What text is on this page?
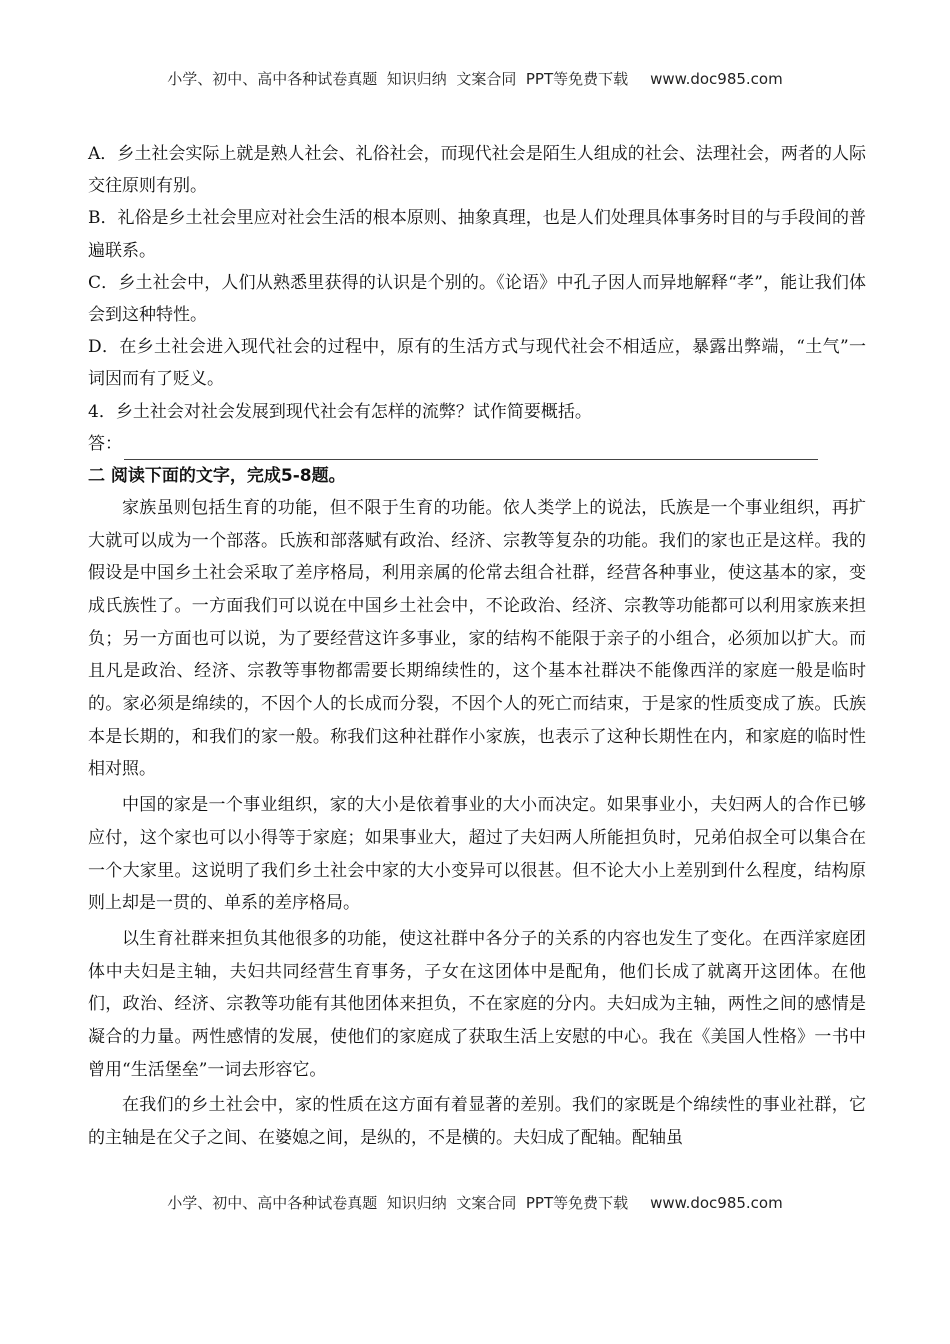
小学、初中、高中各种试卷真题  知识归纳  文案合同  PPT等免费下载 www.doc985.com

A．乡土社会实际上就是熟人社会、礼俗社会，而现代社会是陌生人组成的社会、法理社会，两者的人际交往原则有别。

B．礼俗是乡土社会里应对社会生活的根本原则、抽象真理，也是人们处理具体事务时目的与手段间的普遍联系。

C．乡土社会中，人们从熟悉里获得的认识是个别的。《论语》中孔子因人而异地解释“孝”，能让我们体会到这种特性。

D．在乡土社会进入现代社会的过程中，原有的生活方式与现代社会不相适应，暴露出弊端，“土气”一词因而有了贬义。

4．乡土社会对社会发展到现代社会有怎样的流弊？试作简要概括。

答：

二 阅读下面的文字，完成5-8题。

家族虽则包括生育的功能，但不限于生育的功能。依人类学上的说法，氏族是一个事业组织，再扩大就可以成为一个部落。氏族和部落赋有政治、经济、宗教等复杂的功能。我们的家也正是这样。我的假设是中国乡土社会采取了差序格局，利用亲属的伦常去组合社群，经营各种事业，使这基本的家，变成氏族性了。一方面我们可以说在中国乡土社会中，不论政治、经济、宗教等功能都可以利用家族来担负；另一方面也可以说，为了要经营这许多事业，家的结构不能限于亲子的小组合，必须加以扩大。而且凡是政治、经济、宗教等事物都需要长期绵续性的，这个基本社群决不能像西洋的家庭一般是临时的。家必须是绵续的，不因个人的长成而分裂，不因个人的死亡而结束，于是家的性质变成了族。氏族本是长期的，和我们的家一般。称我们这种社群作小家族，也表示了这种长期性在内，和家庭的临时性相对照。

中国的家是一个事业组织，家的大小是依着事业的大小而决定。如果事业小，夫妇两人的合作已够应付，这个家也可以小得等于家庭；如果事业大，超过了夫妇两人所能担负时，兄弟伯叔全可以集合在一个大家里。这说明了我们乡土社会中家的大小变异可以很甚。但不论大小上差别到什么程度，结构原则上却是一贯的、单系的差序格局。

以生育社群来担负其他很多的功能，使这社群中各分子的关系的内容也发生了变化。在西洋家庭团体中夫妇是主轴，夫妇共同经营生育事务，子女在这团体中是配角，他们长成了就离开这团体。在他们，政治、经济、宗教等功能有其他团体来担负，不在家庭的分内。夫妇成为主轴，两性之间的感情是凝合的力量。两性感情的发展，使他们的家庭成了获取生活上安慰的中心。我在《美国人性格》一书中曾用“生活堡垒”一词去形容它。

在我们的乡土社会中，家的性质在这方面有着显著的差别。我们的家既是个绵续性的事业社群，它的主轴是在父子之间、在婆媳之间，是纵的，不是横的。夫妇成了配轴。配轴虽

小学、初中、高中各种试卷真题  知识归纳  文案合同  PPT等免费下载 www.doc985.com
